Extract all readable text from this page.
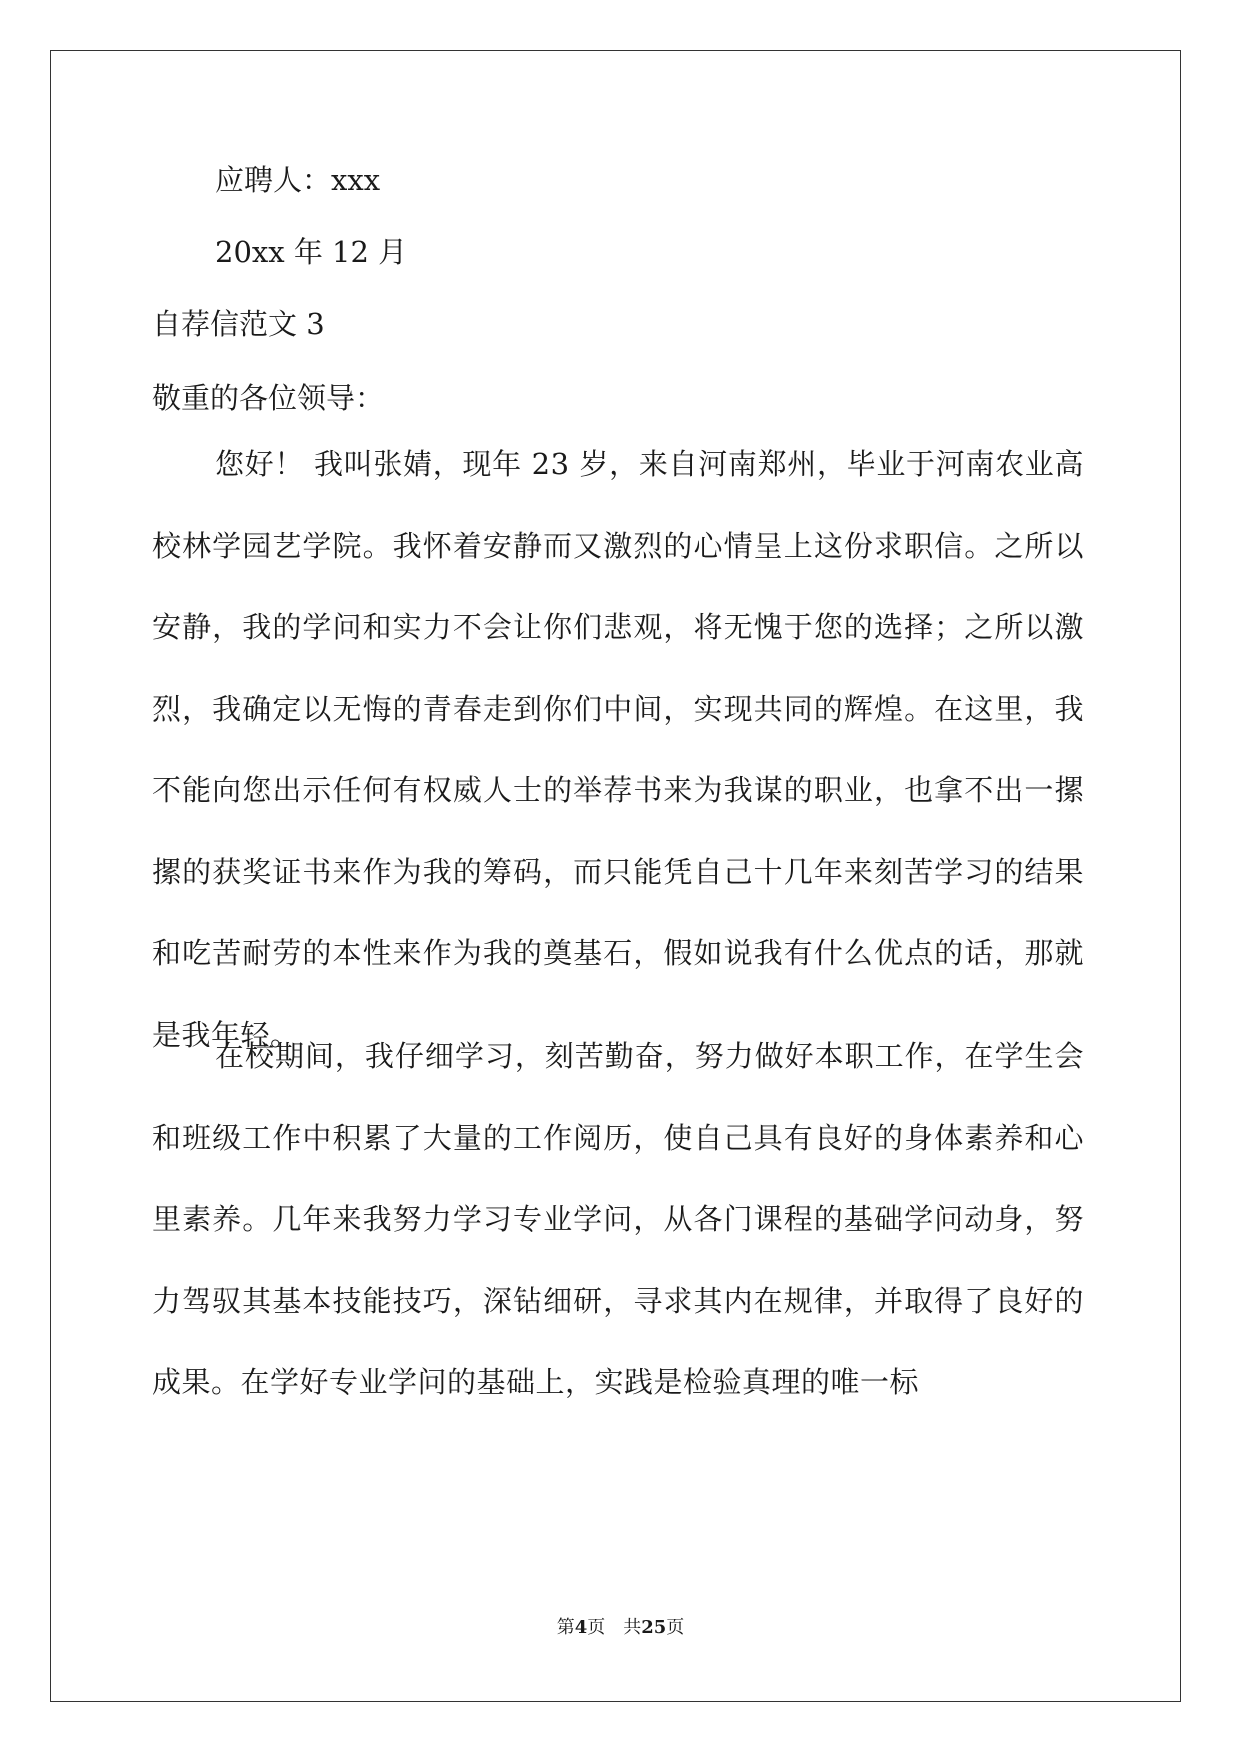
应聘人：xxx
20xx 年 12 月
自荐信范文 3
敬重的各位领导：
您好！ 我叫张婧，现年 23 岁，来自河南郑州，毕业于河南农业高校林学园艺学院。我怀着安静而又激烈的心情呈上这份求职信。之所以安静，我的学问和实力不会让你们悲观，将无愧于您的选择；之所以激烈，我确定以无悔的青春走到你们中间，实现共同的辉煌。在这里，我不能向您出示任何有权威人士的举荐书来为我谋的职业，也拿不出一摞摞的获奖证书来作为我的筹码，而只能凭自己十几年来刻苦学习的结果和吃苦耐劳的本性来作为我的奠基石，假如说我有什么优点的话，那就是我年轻。
在校期间，我仔细学习，刻苦勤奋，努力做好本职工作，在学生会和班级工作中积累了大量的工作阅历，使自己具有良好的身体素养和心里素养。几年来我努力学习专业学问，从各门课程的基础学问动身，努力驾驭其基本技能技巧，深钻细研，寻求其内在规律，并取得了良好的成果。在学好专业学问的基础上，实践是检验真理的唯一标
第4页　共25页
